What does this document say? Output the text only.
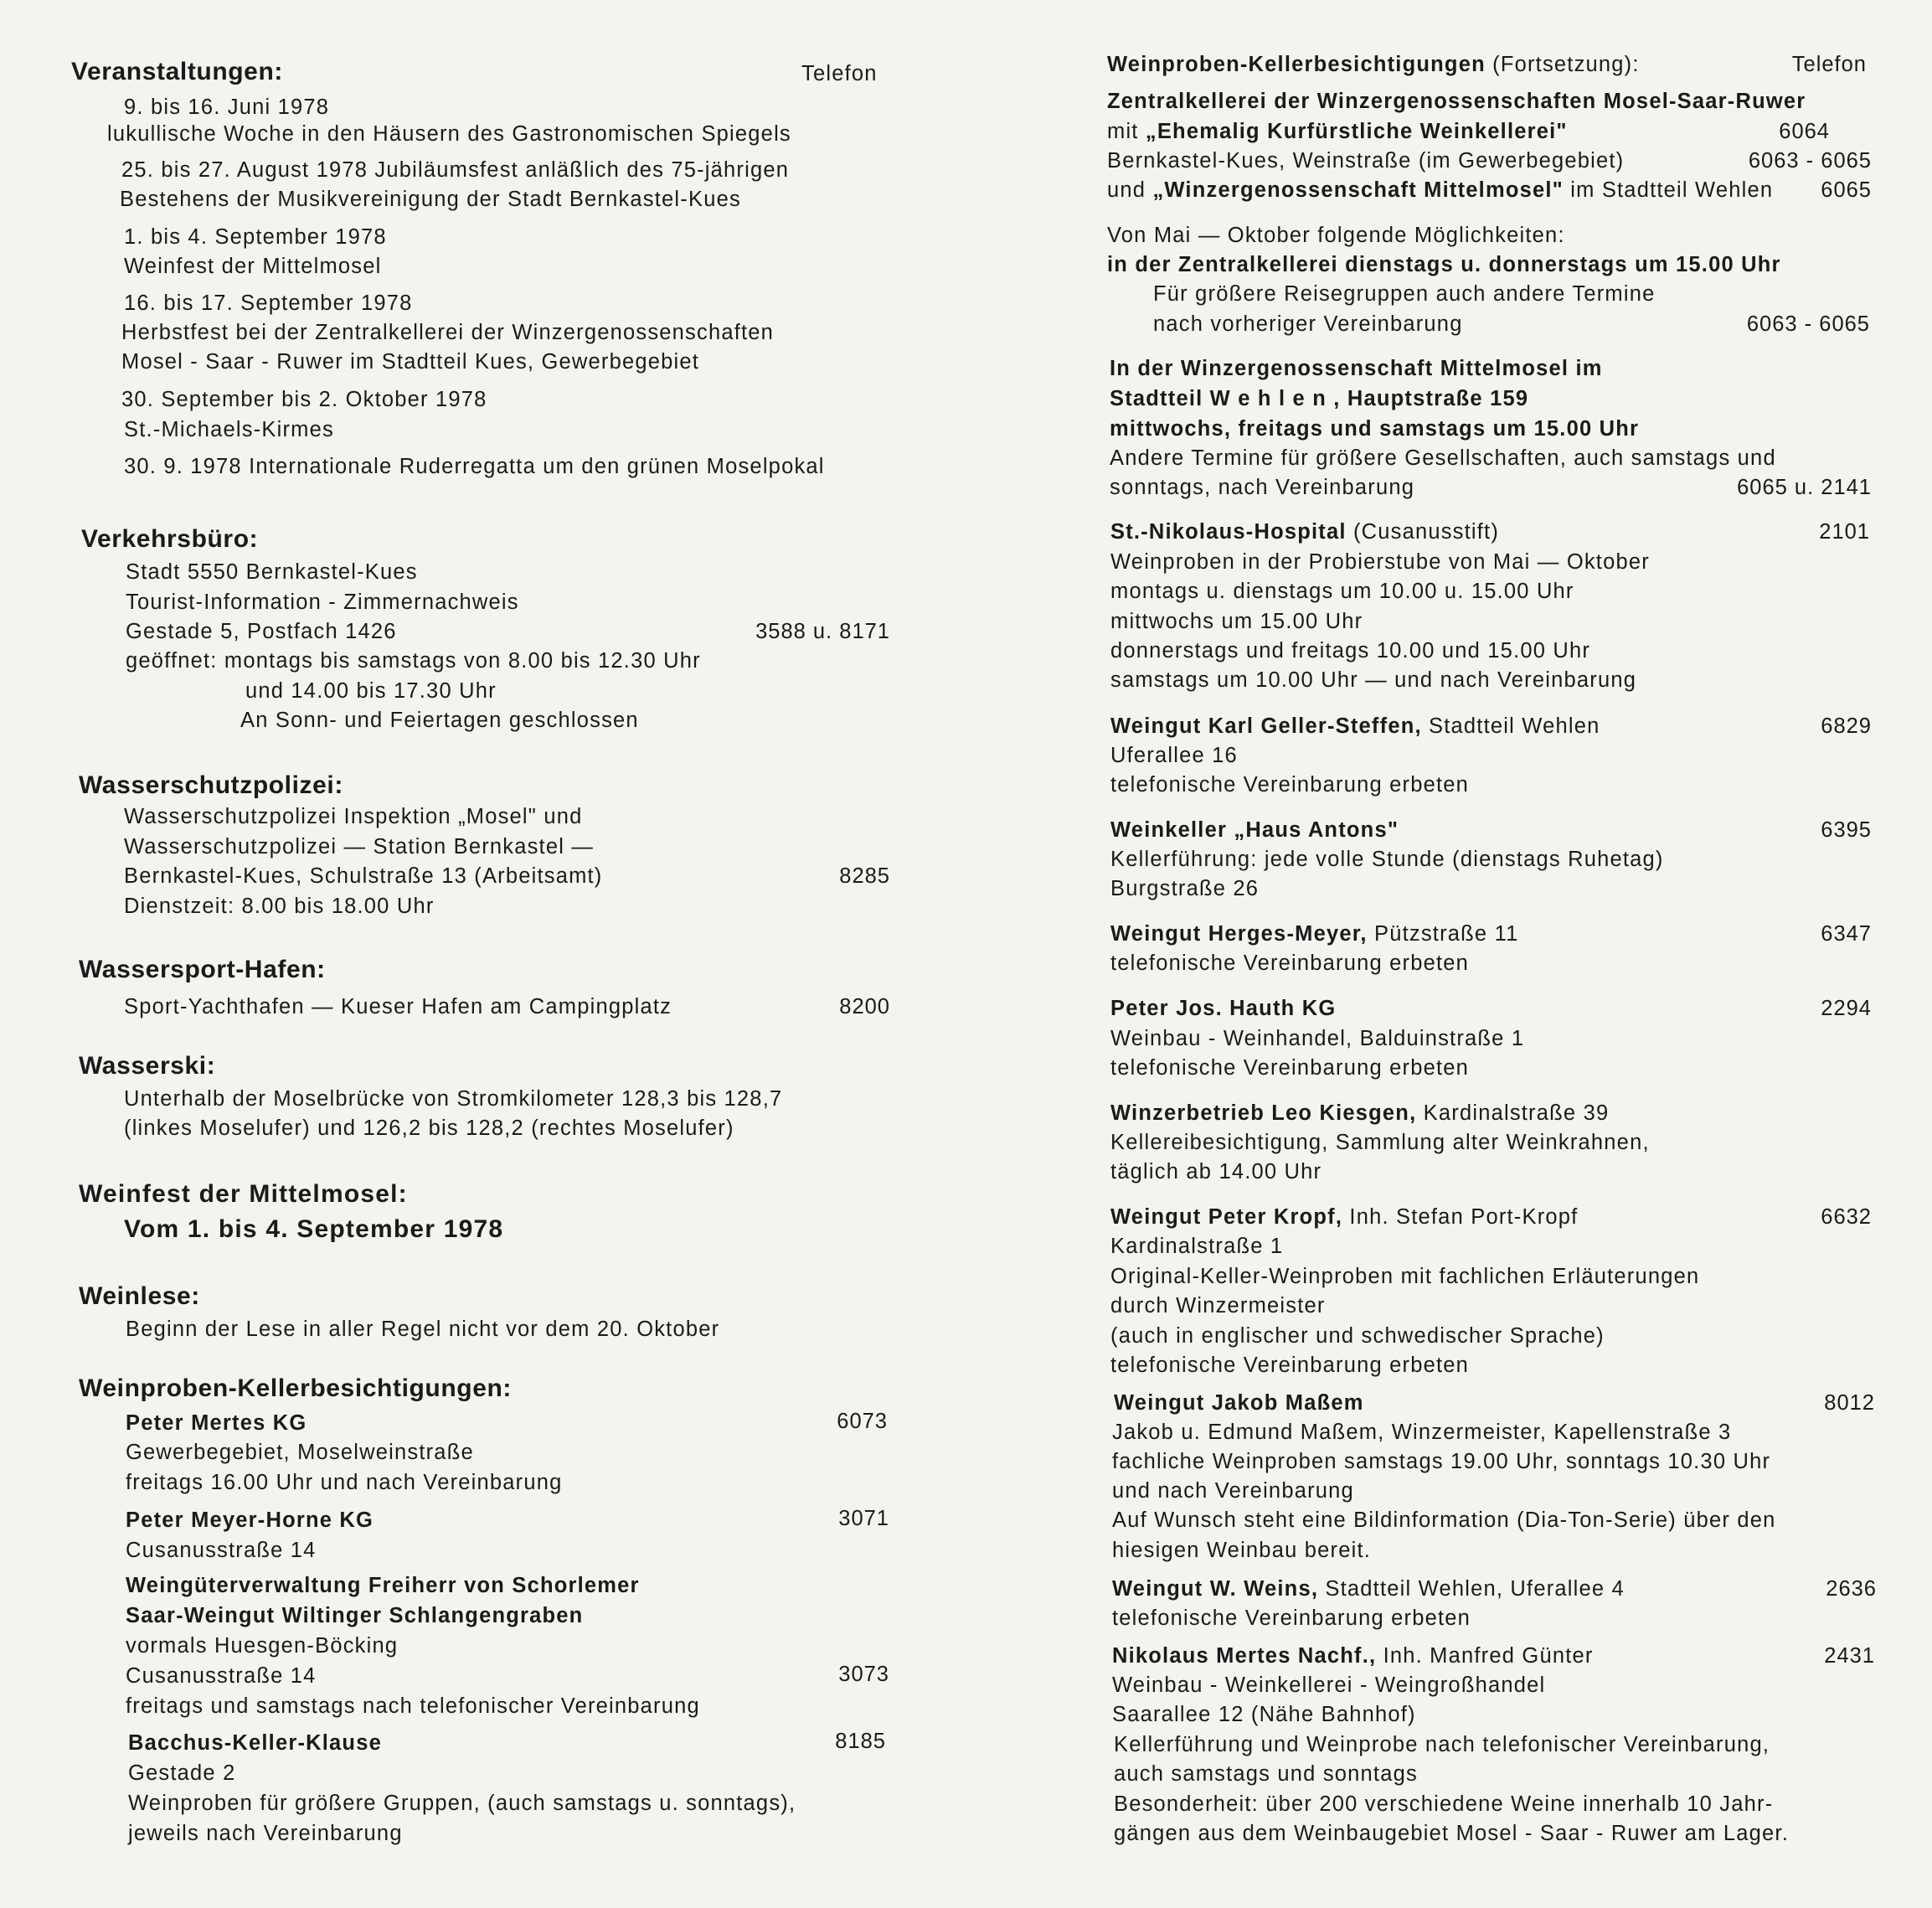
Telefon
Veranstaltungen:
9. bis 16. Juni 1978
lukullische Woche in den Häusern des Gastronomischen Spiegels
25. bis 27. August 1978 Jubiläumsfest anläßlich des 75-jährigen
Bestehens der Musikvereinigung der Stadt Bernkastel-Kues
1. bis 4. September 1978
Weinfest der Mittelmosel
16. bis 17. September 1978
Herbstfest bei der Zentralkellerei der Winzergenossenschaften
Mosel - Saar - Ruwer im Stadtteil Kues, Gewerbegebiet
30. September bis 2. Oktober 1978
St.-Michaels-Kirmes
30. 9. 1978 Internationale Ruderregatta um den grünen Moselpokal
Verkehrsbüro:
Stadt 5550 Bernkastel-Kues
Tourist-Information - Zimmernachweis
Gestade 5, Postfach 1426	3588 u. 8171
geöffnet: montags bis samstags von 8.00 bis 12.30 Uhr
und 14.00 bis 17.30 Uhr
An Sonn- und Feiertagen geschlossen
Wasserschutzpolizei:
Wasserschutzpolizei Inspektion „Mosel" und
Wasserschutzpolizei — Station Bernkastel —
Bernkastel-Kues, Schulstraße 13 (Arbeitsamt)	8285
Dienstzeit: 8.00 bis 18.00 Uhr
Wassersport-Hafen:
Sport-Yachthafen — Kueser Hafen am Campingplatz	8200
Wasserski:
Unterhalb der Moselbrücke von Stromkilometer 128,3 bis 128,7
(linkes Moselufer) und 126,2 bis 128,2 (rechtes Moselufer)
Weinfest der Mittelmosel:
Vom 1. bis 4. September 1978
Weinlese:
Beginn der Lese in aller Regel nicht vor dem 20. Oktober
Weinproben-Kellerbesichtigungen:
Peter Mertes KG	6073
Gewerbegebiet, Moselweinstraße
freitags 16.00 Uhr und nach Vereinbarung
Peter Meyer-Horne KG	3071
Cusanusstraße 14
Weingüterverwaltung Freiherr von Schorlemer
Saar-Weingut Wiltinger Schlangengraben
vormals Huesgen-Böcking
Cusanusstraße 14	3073
freitags und samstags nach telefonischer Vereinbarung
Bacchus-Keller-Klause	8185
Gestade 2
Weinproben für größere Gruppen, (auch samstags u. sonntags),
jeweils nach Vereinbarung
Weinproben-Kellerbesichtigungen (Fortsetzung):	Telefon
Zentralkellerei der Winzergenossenschaften Mosel-Saar-Ruwer
mit „Ehemalig Kurfürstliche Weinkellerei"	6064
Bernkastel-Kues, Weinstraße (im Gewerbegebiet)	6063 - 6065
und „Winzergenossenschaft Mittelmosel" im Stadtteil Wehlen 6065
Von Mai — Oktober folgende Möglichkeiten:
in der Zentralkellerei dienstags u. donnerstags um 15.00 Uhr
Für größere Reisegruppen auch andere Termine
nach vorheriger Vereinbarung	6063 - 6065
In der Winzergenossenschaft Mittelmosel im
Stadtteil W e h l e n , Hauptstraße 159
mittwochs, freitags und samstags um 15.00 Uhr
Andere Termine für größere Gesellschaften, auch samstags und
sonntags, nach Vereinbarung	6065 u. 2141
St.-Nikolaus-Hospital (Cusanusstift)	2101
Weinproben in der Probierstube von Mai — Oktober
montags u. dienstags um 10.00 u. 15.00 Uhr
mittwochs um 15.00 Uhr
donnerstags und freitags 10.00 und 15.00 Uhr
samstags um 10.00 Uhr — und nach Vereinbarung
Weingut Karl Geller-Steffen, Stadtteil Wehlen	6829
Uferallee 16
telefonische Vereinbarung erbeten
Weinkeller „Haus Antons"	6395
Kellerführung: jede volle Stunde (dienstags Ruhetag)
Burgstraße 26
Weingut Herges-Meyer, Pützstraße 11	6347
telefonische Vereinbarung erbeten
Peter Jos. Hauth KG	2294
Weinbau - Weinhandel, Balduinstraße 1
telefonische Vereinbarung erbeten
Winzerbetrieb Leo Kiesgen, Kardinalstraße 39
Kellereibesichtigung, Sammlung alter Weinkrahnen,
täglich ab 14.00 Uhr
Weingut Peter Kropf, Inh. Stefan Port-Kropf	6632
Kardinalstraße 1
Original-Keller-Weinproben mit fachlichen Erläuterungen
durch Winzermeister
(auch in englischer und schwedischer Sprache)
telefonische Vereinbarung erbeten
Weingut Jakob Maßem	8012
Jakob u. Edmund Maßem, Winzermeister, Kapellenstraße 3
fachliche Weinproben samstags 19.00 Uhr, sonntags 10.30 Uhr
und nach Vereinbarung
Auf Wunsch steht eine Bildinformation (Dia-Ton-Serie) über den
hiesigen Weinbau bereit.
Weingut W. Weins, Stadtteil Wehlen, Uferallee 4	2636
telefonische Vereinbarung erbeten
Nikolaus Mertes Nachf., Inh. Manfred Günter	2431
Weinbau - Weinkellerei - Weingroßhandel
Saarallee 12 (Nähe Bahnhof)
Kellerführung und Weinprobe nach telefonischer Vereinbarung,
auch samstags und sonntags
Besonderheit: über 200 verschiedene Weine innerhalb 10 Jahr-
gängen aus dem Weinbaugebiet Mosel - Saar - Ruwer am Lager.
